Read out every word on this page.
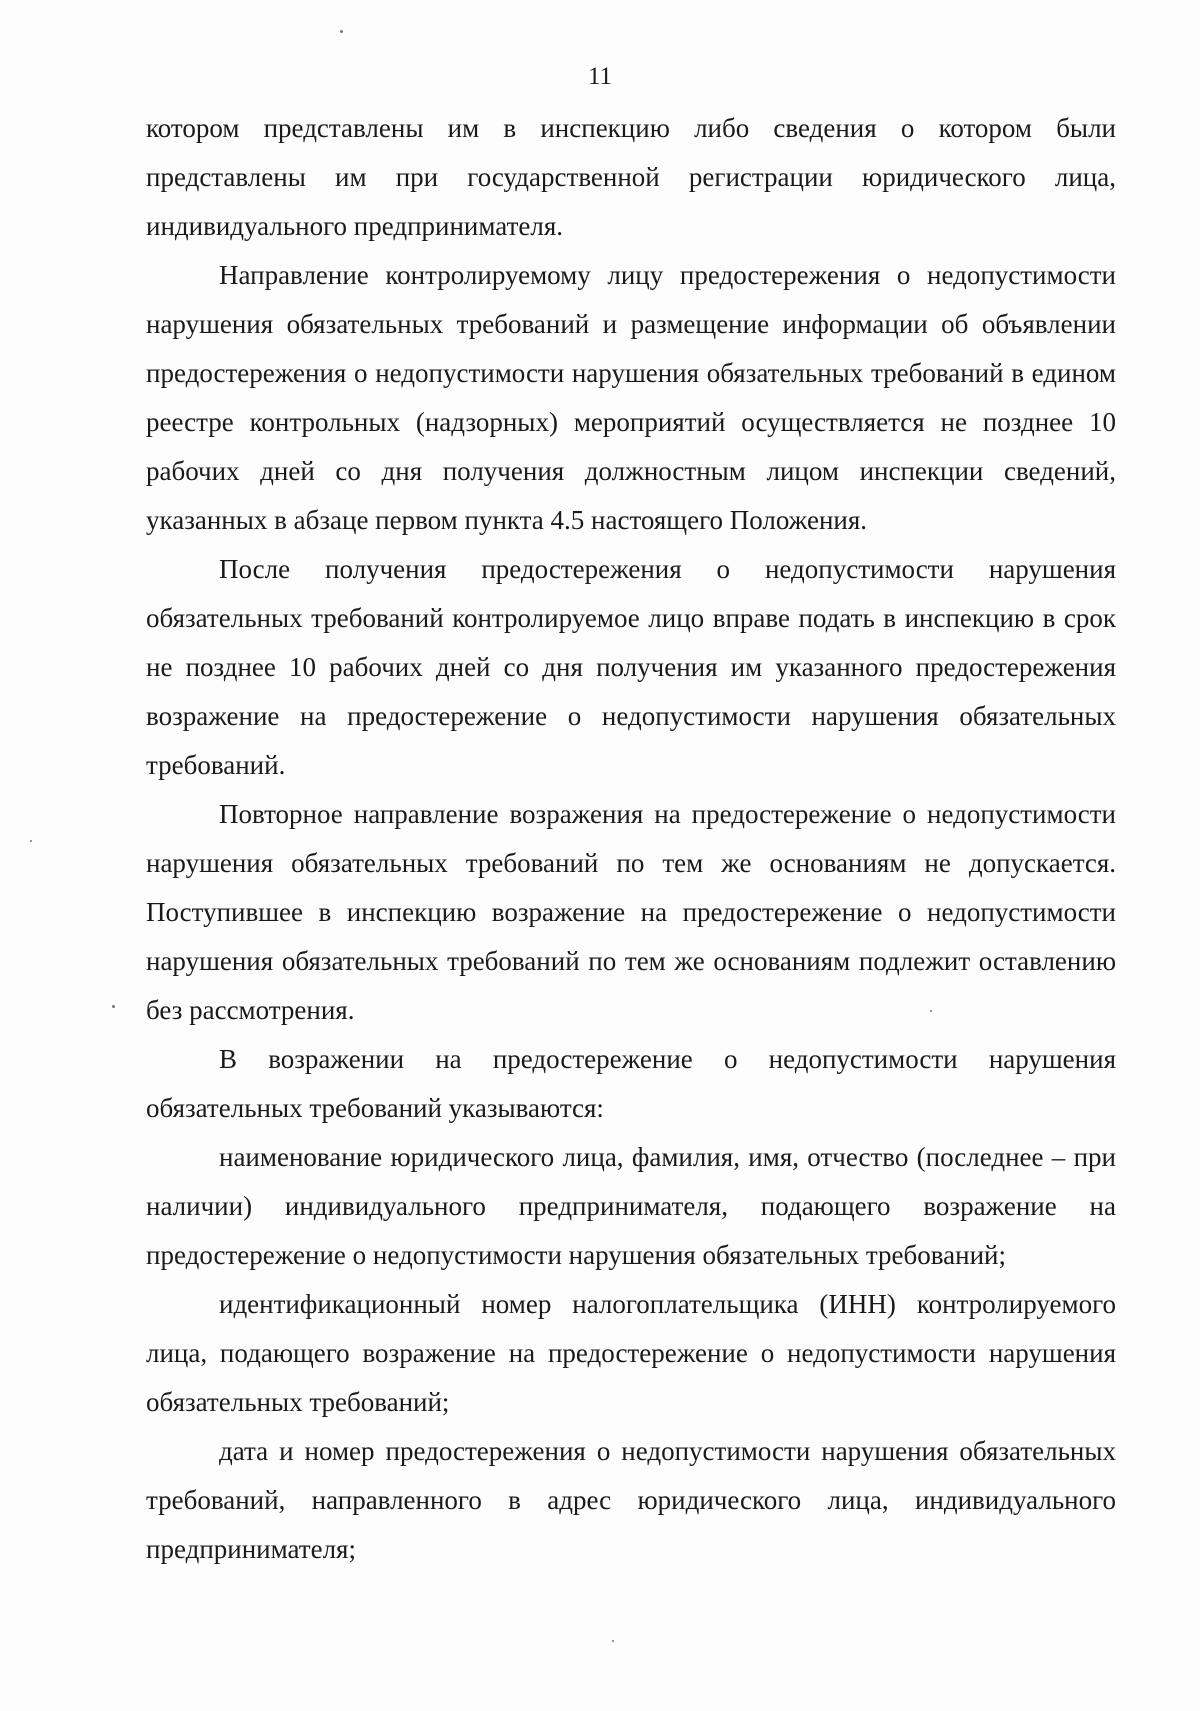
11

котором представлены им в инспекцию либо сведения о котором были представлены им при государственной регистрации юридического лица, индивидуального предпринимателя.

Направление контролируемому лицу предостережения о недопустимости нарушения обязательных требований и размещение информации об объявлении предостережения о недопустимости нарушения обязательных требований в едином реестре контрольных (надзорных) мероприятий осуществляется не позднее 10 рабочих дней со дня получения должностным лицом инспекции сведений, указанных в абзаце первом пункта 4.5 настоящего Положения.

После получения предостережения о недопустимости нарушения обязательных требований контролируемое лицо вправе подать в инспекцию в срок не позднее 10 рабочих дней со дня получения им указанного предостережения возражение на предостережение о недопустимости нарушения обязательных требований.

Повторное направление возражения на предостережение о недопустимости нарушения обязательных требований по тем же основаниям не допускается. Поступившее в инспекцию возражение на предостережение о недопустимости нарушения обязательных требований по тем же основаниям подлежит оставлению без рассмотрения.

В возражении на предостережение о недопустимости нарушения обязательных требований указываются:

наименование юридического лица, фамилия, имя, отчество (последнее – при наличии) индивидуального предпринимателя, подающего возражение на предостережение о недопустимости нарушения обязательных требований;

идентификационный номер налогоплательщика (ИНН) контролируемого лица, подающего возражение на предостережение о недопустимости нарушения обязательных требований;

дата и номер предостережения о недопустимости нарушения обязательных требований, направленного в адрес юридического лица, индивидуального предпринимателя;
